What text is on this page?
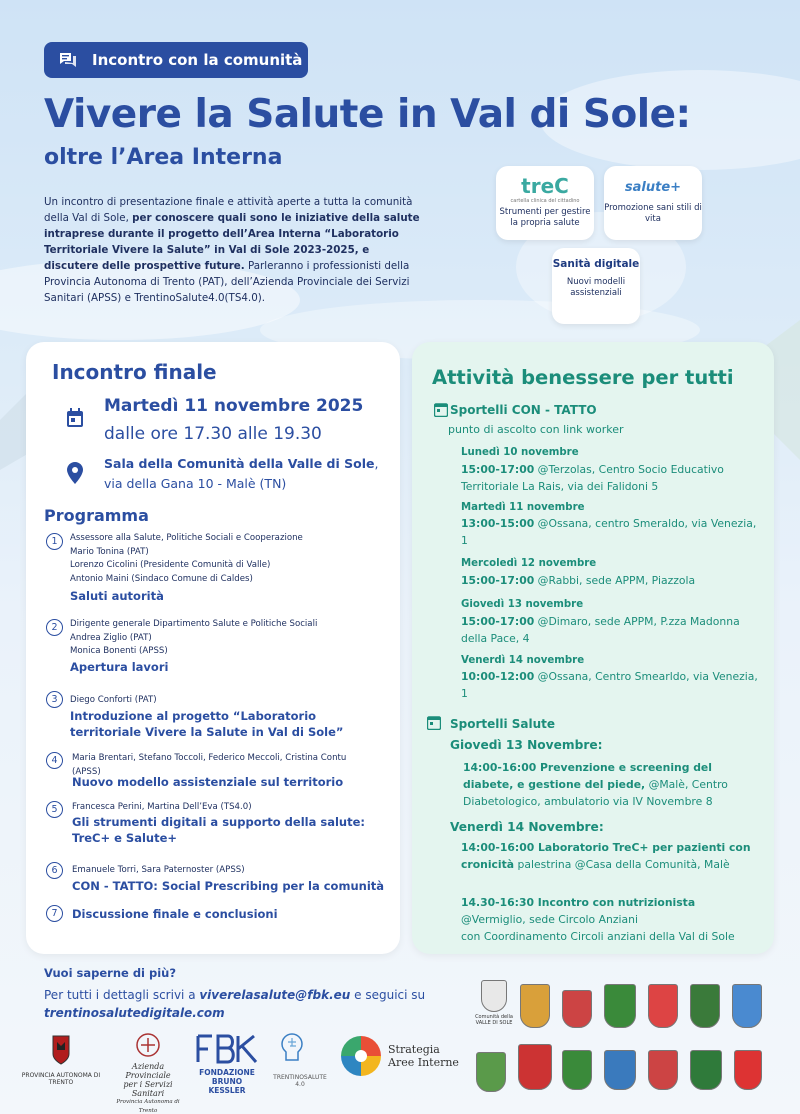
Incontro con la comunità
Vivere la Salute in Val di Sole:
oltre l’Area Interna
Un incontro di presentazione finale e attività aperte a tutta la comunità della Val di Sole, per conoscere quali sono le iniziative della salute intraprese durante il progetto dell’Area Interna “Laboratorio Territoriale Vivere la Salute” in Val di Sole 2023-2025, e discutere delle prospettive future. Parleranno i professionisti della Provincia Autonoma di Trento (PAT), dell’Azienda Provinciale dei Servizi Sanitari (APSS) e TrentinoSalute4.0(TS4.0).
treC
cartella clinica del cittadino
Strumenti per gestire la propria salute
salute+
Promozione sani stili di vita
Sanità digitale
Nuovi modelli assistenziali
Incontro finale
Martedì 11 novembre 2025
dalle ore 17.30 alle 19.30
Sala della Comunità della Valle di Sole, via della Gana 10 - Malè (TN)
Programma
1	Assessore alla Salute, Politiche Sociali e Cooperazione
Mario Tonina (PAT)
Lorenzo Cicolini (Presidente Comunità di Valle)
Antonio Maini (Sindaco Comune di Caldes)
Saluti autorità
2	Dirigente generale Dipartimento Salute e Politiche Sociali
Andrea Ziglio (PAT)
Monica Bonenti (APSS)
Apertura lavori
3	Diego Conforti (PAT)
Introduzione al progetto “Laboratorio territoriale Vivere la Salute in Val di Sole”
4	Maria Brentari, Stefano Toccoli, Federico Meccoli, Cristina Contu (APSS)
Nuovo modello assistenziale sul territorio
5	Francesca Perini, Martina Dell’Eva (TS4.0)
Gli strumenti digitali a supporto della salute: TreC+ e Salute+
6	Emanuele Torri, Sara Paternoster (APSS)
CON - TATTO: Social Prescribing per la comunità
7	Discussione finale e conclusioni
Attività benessere per tutti
Sportelli CON - TATTO
punto di ascolto con link worker
Lunedì 10 novembre
15:00-17:00 @Terzolas, Centro Socio Educativo Territoriale La Rais, via dei Falidoni 5
Martedì 11 novembre
13:00-15:00 @Ossana, centro Smeraldo, via Venezia, 1
Mercoledì 12 novembre
15:00-17:00 @Rabbi, sede APPM, Piazzola
Giovedì 13 novembre
15:00-17:00 @Dimaro, sede APPM, P.zza Madonna della Pace, 4
Venerdì 14 novembre
10:00-12:00 @Ossana, Centro Smearldo, via Venezia, 1
Sportelli Salute
Giovedì 13 Novembre:
14:00-16:00 Prevenzione e screening del diabete, e gestione del piede, @Malè, Centro Diabetologico, ambulatorio via IV Novembre 8
Venerdì 14 Novembre:
14:00-16:00 Laboratorio TreC+ per pazienti con cronicità palestrina @Casa della Comunità, Malè
14.30-16:30 Incontro con nutrizionista
@Vermiglio, sede Circolo Anziani
con Coordinamento Circoli anziani della Val di Sole
Vuoi saperne di più?
Per tutti i dettagli scrivi a viverelasalute@fbk.eu e seguici su
trentinosalutedigitale.com
PROVINCIA AUTONOMA DI TRENTO
Azienda Provinciale
per i Servizi Sanitari
Provincia Autonoma di Trento
FONDAZIONE
BRUNO KESSLER
TRENTINOSALUTE
4.0
Strategia
Aree Interne
Comunità della VALLE DI SOLE
